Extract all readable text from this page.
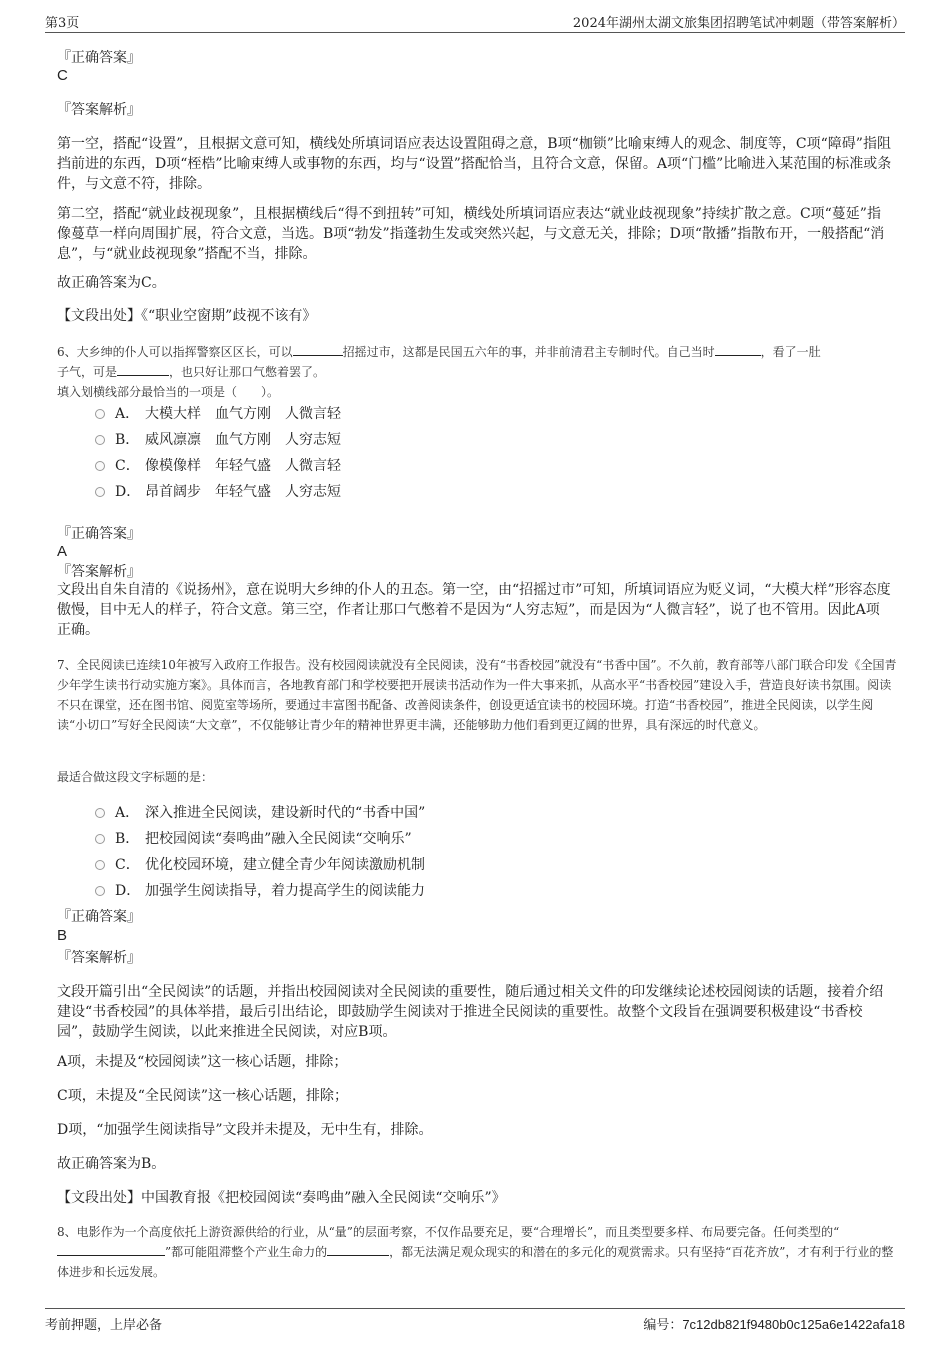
第3页	2024年湖州太湖文旅集团招聘笔试冲刺题（带答案解析）
『正确答案』
C
『答案解析』
第一空，搭配“设置”，且根据文意可知，横线处所填词语应表达设置阻碍之意，B项“枷锁”比喻束缚人的观念、制度等，C项“障碍”指阻挡前进的东西，D项“桎梏”比喻束缚人或事物的东西，均与“设置”搭配恰当，且符合文意，保留。A项“门槛”比喻进入某范围的标准或条件，与文意不符，排除。
第二空，搭配“就业歧视现象”，且根据横线后“得不到扭转”可知，横线处所填词语应表达“就业歧视现象”持续扩散之意。C项“蔓延”指像蔓草一样向周围扩展，符合文意，当选。B项“勃发”指蓬勃生发或突然兴起，与文意无关，排除；D项“散播”指散布开，一般搭配“消息”，与“就业歧视现象”搭配不当，排除。
故正确答案为C。
【文段出处】《“职业空窗期”歧视不该有》
6、大乡绅的仆人可以指挥警察区区长，可以	招摇过市，这都是民国五六年的事，并非前清君主专制时代。自己当时	，看了一肚
子气，可是	，也只好让那口气憋着罢了。
填入划横线部分最恰当的一项是（　　）。
A． 大模大样 血气方刚 人微言轻
B． 威风凛凛 血气方刚 人穷志短
C． 像模像样 年轻气盛 人微言轻
D． 昂首阔步 年轻气盛 人穷志短
『正确答案』
A
『答案解析』
文段出自朱自清的《说扬州》，意在说明大乡绅的仆人的丑态。第一空，由“招摇过市”可知，所填词语应为贬义词，“大模大样”形容态度傲慢，目中无人的样子，符合文意。第三空，作者让那口气憋着不是因为“人穷志短”，而是因为“人微言轻”，说了也不管用。因此A项正确。
7、全民阅读已连续10年被写入政府工作报告。没有校园阅读就没有全民阅读，没有“书香校园”就没有“书香中国”。不久前，教育部等八部门联合印发《全国青少年学生读书行动实施方案》。具体而言，各地教育部门和学校要把开展读书活动作为一件大事来抓，从高水平“书香校园”建设入手，营造良好读书氛围。阅读不只在课堂，还在图书馆、阅览室等场所，要通过丰富图书配备、改善阅读条件，创设更适宜读书的校园环境。打造“书香校园”，推进全民阅读，以学生阅读“小切口”写好全民阅读“大文章”，不仅能够让青少年的精神世界更丰满，还能够助力他们看到更辽阔的世界，具有深远的时代意义。
最适合做这段文字标题的是：
A． 深入推进全民阅读，建设新时代的“书香中国”
B． 把校园阅读“奏鸣曲”融入全民阅读“交响乐”
C． 优化校园环境，建立健全青少年阅读激励机制
D． 加强学生阅读指导，着力提高学生的阅读能力
『正确答案』
B
『答案解析』
文段开篇引出“全民阅读”的话题，并指出校园阅读对全民阅读的重要性，随后通过相关文件的印发继续论述校园阅读的话题，接着介绍建设“书香校园”的具体举措，最后引出结论，即鼓励学生阅读对于推进全民阅读的重要性。故整个文段旨在强调要积极建设“书香校园”，鼓励学生阅读，以此来推进全民阅读，对应B项。
A项，未提及“校园阅读”这一核心话题，排除；
C项，未提及“全民阅读”这一核心话题，排除；
D项，“加强学生阅读指导”文段并未提及，无中生有，排除。
故正确答案为B。
【文段出处】中国教育报《把校园阅读“奏鸣曲”融入全民阅读“交响乐”》
8、电影作为一个高度依托上游资源供给的行业，从“量”的层面考察，不仅作品要充足，要“合理增长”，而且类型要多样、布局要完备。任何类型的“”都可能阻滞整个产业生命力的	，都无法满足观众现实的和潜在的多元化的观赏需求。只有坚持“百花齐放”，才有利于行业的整体进步和长远发展。
考前押题，上岸必备	编号：7c12db821f9480b0c125a6e1422afa18
